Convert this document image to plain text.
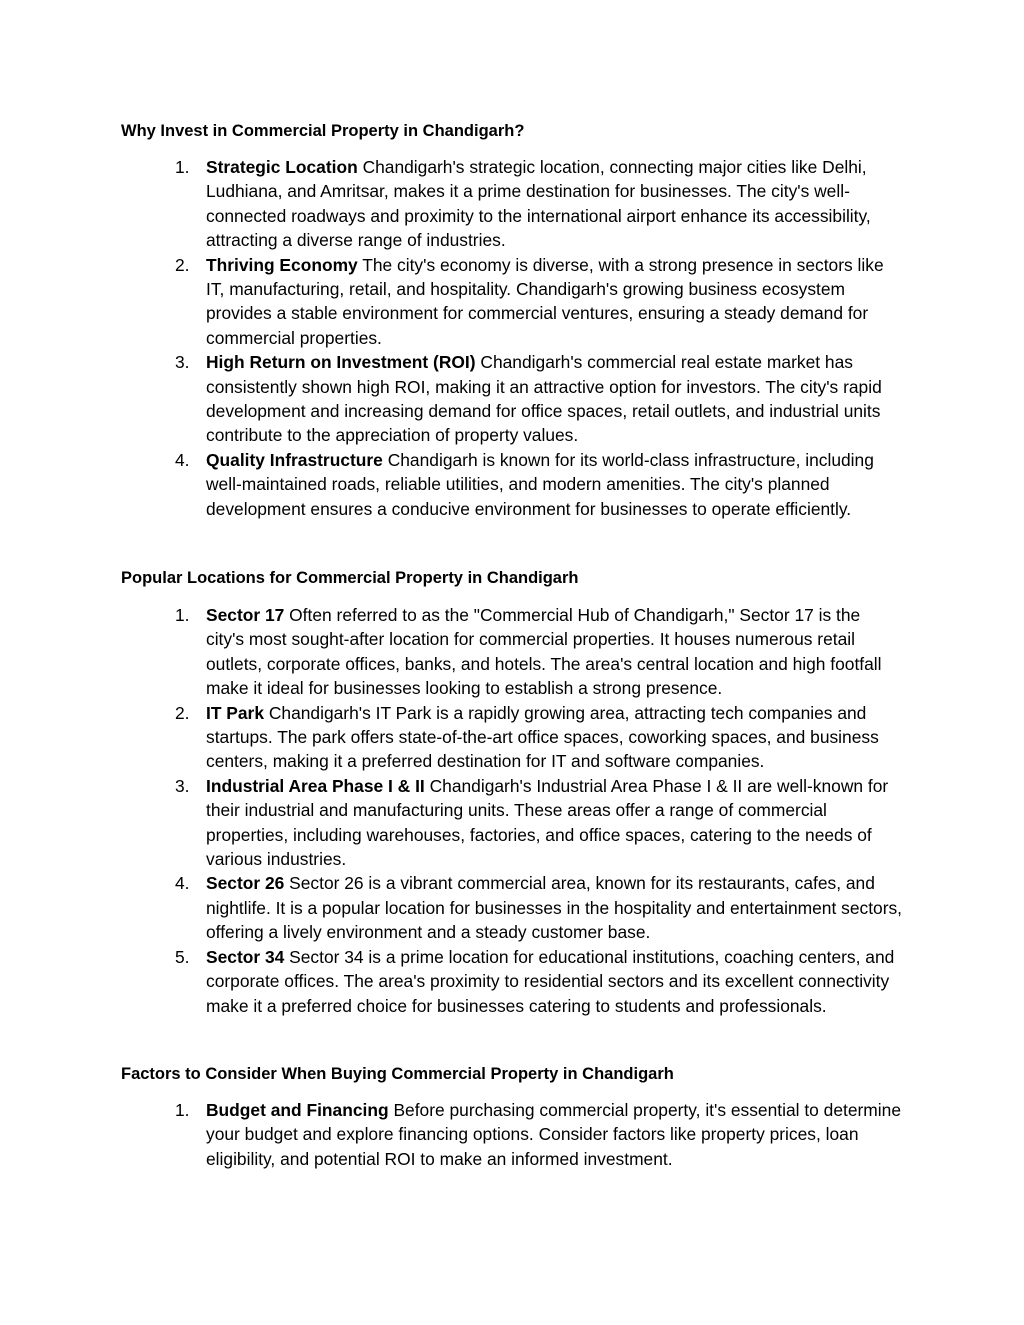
Why Invest in Commercial Property in Chandigarh?
1. Strategic Location Chandigarh's strategic location, connecting major cities like Delhi, Ludhiana, and Amritsar, makes it a prime destination for businesses. The city's well-connected roadways and proximity to the international airport enhance its accessibility, attracting a diverse range of industries.
2. Thriving Economy The city's economy is diverse, with a strong presence in sectors like IT, manufacturing, retail, and hospitality. Chandigarh's growing business ecosystem provides a stable environment for commercial ventures, ensuring a steady demand for commercial properties.
3. High Return on Investment (ROI) Chandigarh's commercial real estate market has consistently shown high ROI, making it an attractive option for investors. The city's rapid development and increasing demand for office spaces, retail outlets, and industrial units contribute to the appreciation of property values.
4. Quality Infrastructure Chandigarh is known for its world-class infrastructure, including well-maintained roads, reliable utilities, and modern amenities. The city's planned development ensures a conducive environment for businesses to operate efficiently.
Popular Locations for Commercial Property in Chandigarh
1. Sector 17 Often referred to as the "Commercial Hub of Chandigarh," Sector 17 is the city's most sought-after location for commercial properties. It houses numerous retail outlets, corporate offices, banks, and hotels. The area's central location and high footfall make it ideal for businesses looking to establish a strong presence.
2. IT Park Chandigarh's IT Park is a rapidly growing area, attracting tech companies and startups. The park offers state-of-the-art office spaces, coworking spaces, and business centers, making it a preferred destination for IT and software companies.
3. Industrial Area Phase I & II Chandigarh's Industrial Area Phase I & II are well-known for their industrial and manufacturing units. These areas offer a range of commercial properties, including warehouses, factories, and office spaces, catering to the needs of various industries.
4. Sector 26 Sector 26 is a vibrant commercial area, known for its restaurants, cafes, and nightlife. It is a popular location for businesses in the hospitality and entertainment sectors, offering a lively environment and a steady customer base.
5. Sector 34 Sector 34 is a prime location for educational institutions, coaching centers, and corporate offices. The area's proximity to residential sectors and its excellent connectivity make it a preferred choice for businesses catering to students and professionals.
Factors to Consider When Buying Commercial Property in Chandigarh
1. Budget and Financing Before purchasing commercial property, it's essential to determine your budget and explore financing options. Consider factors like property prices, loan eligibility, and potential ROI to make an informed investment.
